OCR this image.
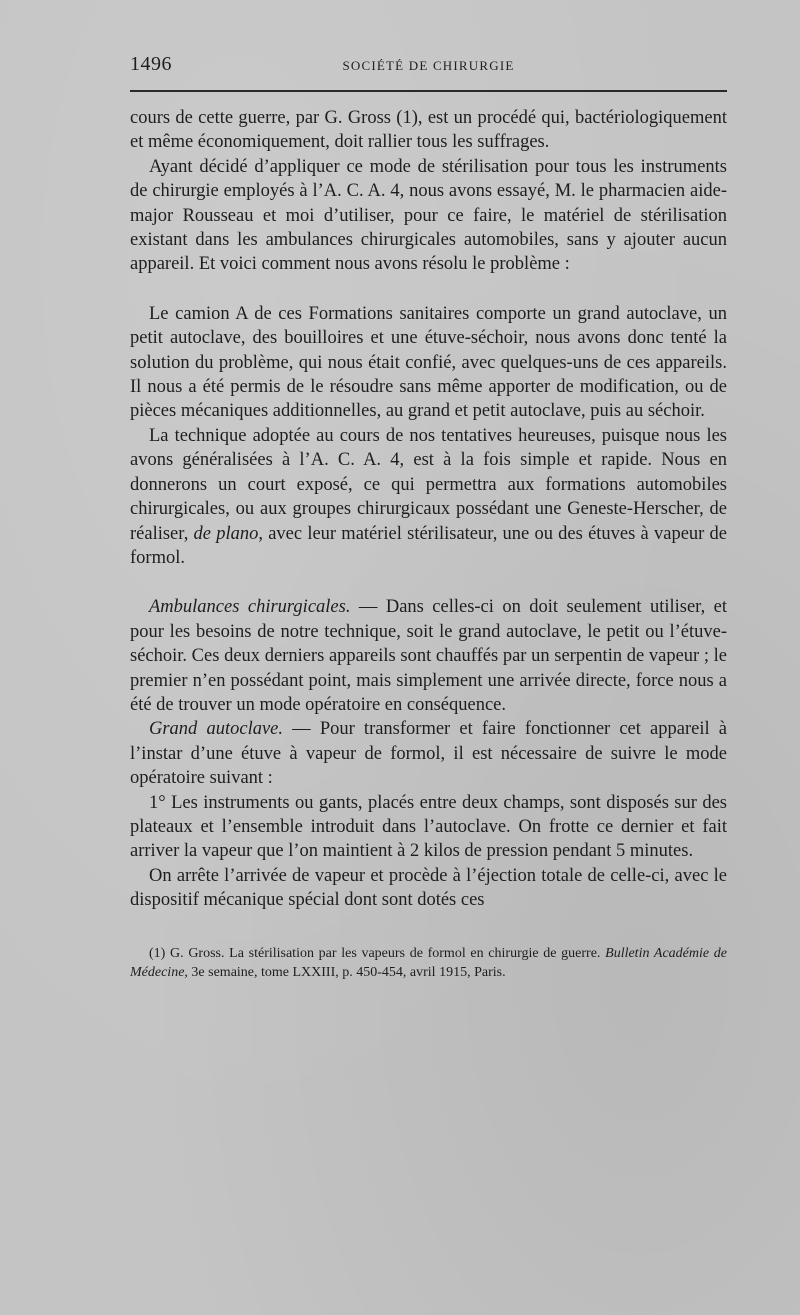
1496	SOCIÉTÉ DE CHIRURGIE

cours de cette guerre, par G. Gross (1), est un procédé qui, bactériologiquement et même économiquement, doit rallier tous les suffrages.

Ayant décidé d’appliquer ce mode de stérilisation pour tous les instruments de chirurgie employés à l’A. C. A. 4, nous avons essayé, M. le pharmacien aide-major Rousseau et moi d’utiliser, pour ce faire, le matériel de stérilisation existant dans les ambulances chirurgicales automobiles, sans y ajouter aucun appareil. Et voici comment nous avons résolu le problème :

Le camion A de ces Formations sanitaires comporte un grand autoclave, un petit autoclave, des bouilloires et une étuve-séchoir, nous avons donc tenté la solution du problème, qui nous était confié, avec quelques-uns de ces appareils. Il nous a été permis de le résoudre sans même apporter de modification, ou de pièces mécaniques additionnelles, au grand et petit autoclave, puis au séchoir.

La technique adoptée au cours de nos tentatives heureuses, puisque nous les avons généralisées à l’A. C. A. 4, est à la fois simple et rapide. Nous en donnerons un court exposé, ce qui permettra aux formations automobiles chirurgicales, ou aux groupes chirurgicaux possédant une Geneste-Herscher, de réaliser, de plano, avec leur matériel stérilisateur, une ou des étuves à vapeur de formol.

Ambulances chirurgicales. — Dans celles-ci on doit seulement utiliser, et pour les besoins de notre technique, soit le grand autoclave, le petit ou l’étuve-séchoir. Ces deux derniers appareils sont chauffés par un serpentin de vapeur ; le premier n’en possédant point, mais simplement une arrivée directe, force nous a été de trouver un mode opératoire en conséquence.

Grand autoclave. — Pour transformer et faire fonctionner cet appareil à l’instar d’une étuve à vapeur de formol, il est nécessaire de suivre le mode opératoire suivant :

1° Les instruments ou gants, placés entre deux champs, sont disposés sur des plateaux et l’ensemble introduit dans l’autoclave. On frotte ce dernier et fait arriver la vapeur que l’on maintient à 2 kilos de pression pendant 5 minutes.

On arrête l’arrivée de vapeur et procède à l’éjection totale de celle-ci, avec le dispositif mécanique spécial dont sont dotés ces

(1) G. Gross. La stérilisation par les vapeurs de formol en chirurgie de guerre. Bulletin Académie de Médecine, 3e semaine, tome LXXIII, p. 450-454, avril 1915, Paris.
